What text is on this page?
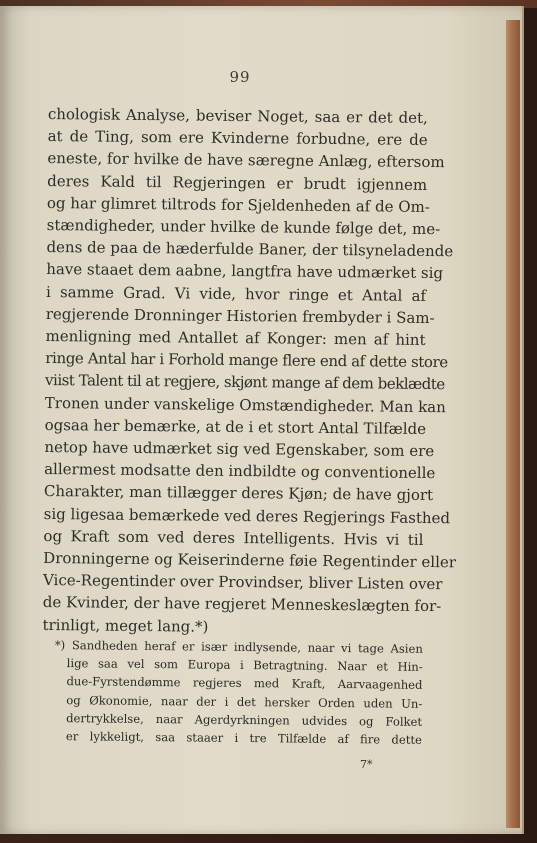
99
chologisk Analyse, beviser Noget, saa er det det,
at de Ting, som ere Kvinderne forbudne, ere de
eneste, for hvilke de have særegne Anlæg, eftersom
deres Kald til Regjeringen er brudt igjennem
og har glimret tiltrods for Sjeldenheden af de Om-
stændigheder, under hvilke de kunde følge det, me-
dens de paa de hæderfulde Baner, der tilsyneladende
have staaet dem aabne, langtfra have udmærket sig
i samme Grad. Vi vide, hvor ringe et Antal af
regjerende Dronninger Historien frembyder i Sam-
menligning med Antallet af Konger: men af hint
ringe Antal har i Forhold mange flere end af dette store
viist Talent til at regjere, skjønt mange af dem beklædte
Tronen under vanskelige Omstændigheder. Man kan
ogsaa her bemærke, at de i et stort Antal Tilfælde
netop have udmærket sig ved Egenskaber, som ere
allermest modsatte den indbildte og conventionelle
Charakter, man tillægger deres Kjøn; de have gjort
sig ligesaa bemærkede ved deres Regjerings Fasthed
og Kraft som ved deres Intelligents. Hvis vi til
Dronningerne og Keiserinderne føie Regentinder eller
Vice-Regentinder over Provindser, bliver Listen over
de Kvinder, der have regjeret Menneskeslægten for-
trinligt, meget lang.*)
*) Sandheden heraf er især indlysende, naar vi tage Asien
lige saa vel som Europa i Betragtning. Naar et Hin-
due-Fyrstendømme regjeres med Kraft, Aarvaagenhed
og Økonomie, naar der i det hersker Orden uden Un-
dertrykkelse, naar Agerdyrkningen udvides og Folket
er lykkeligt, saa staaer i tre Tilfælde af fire dette
7*
